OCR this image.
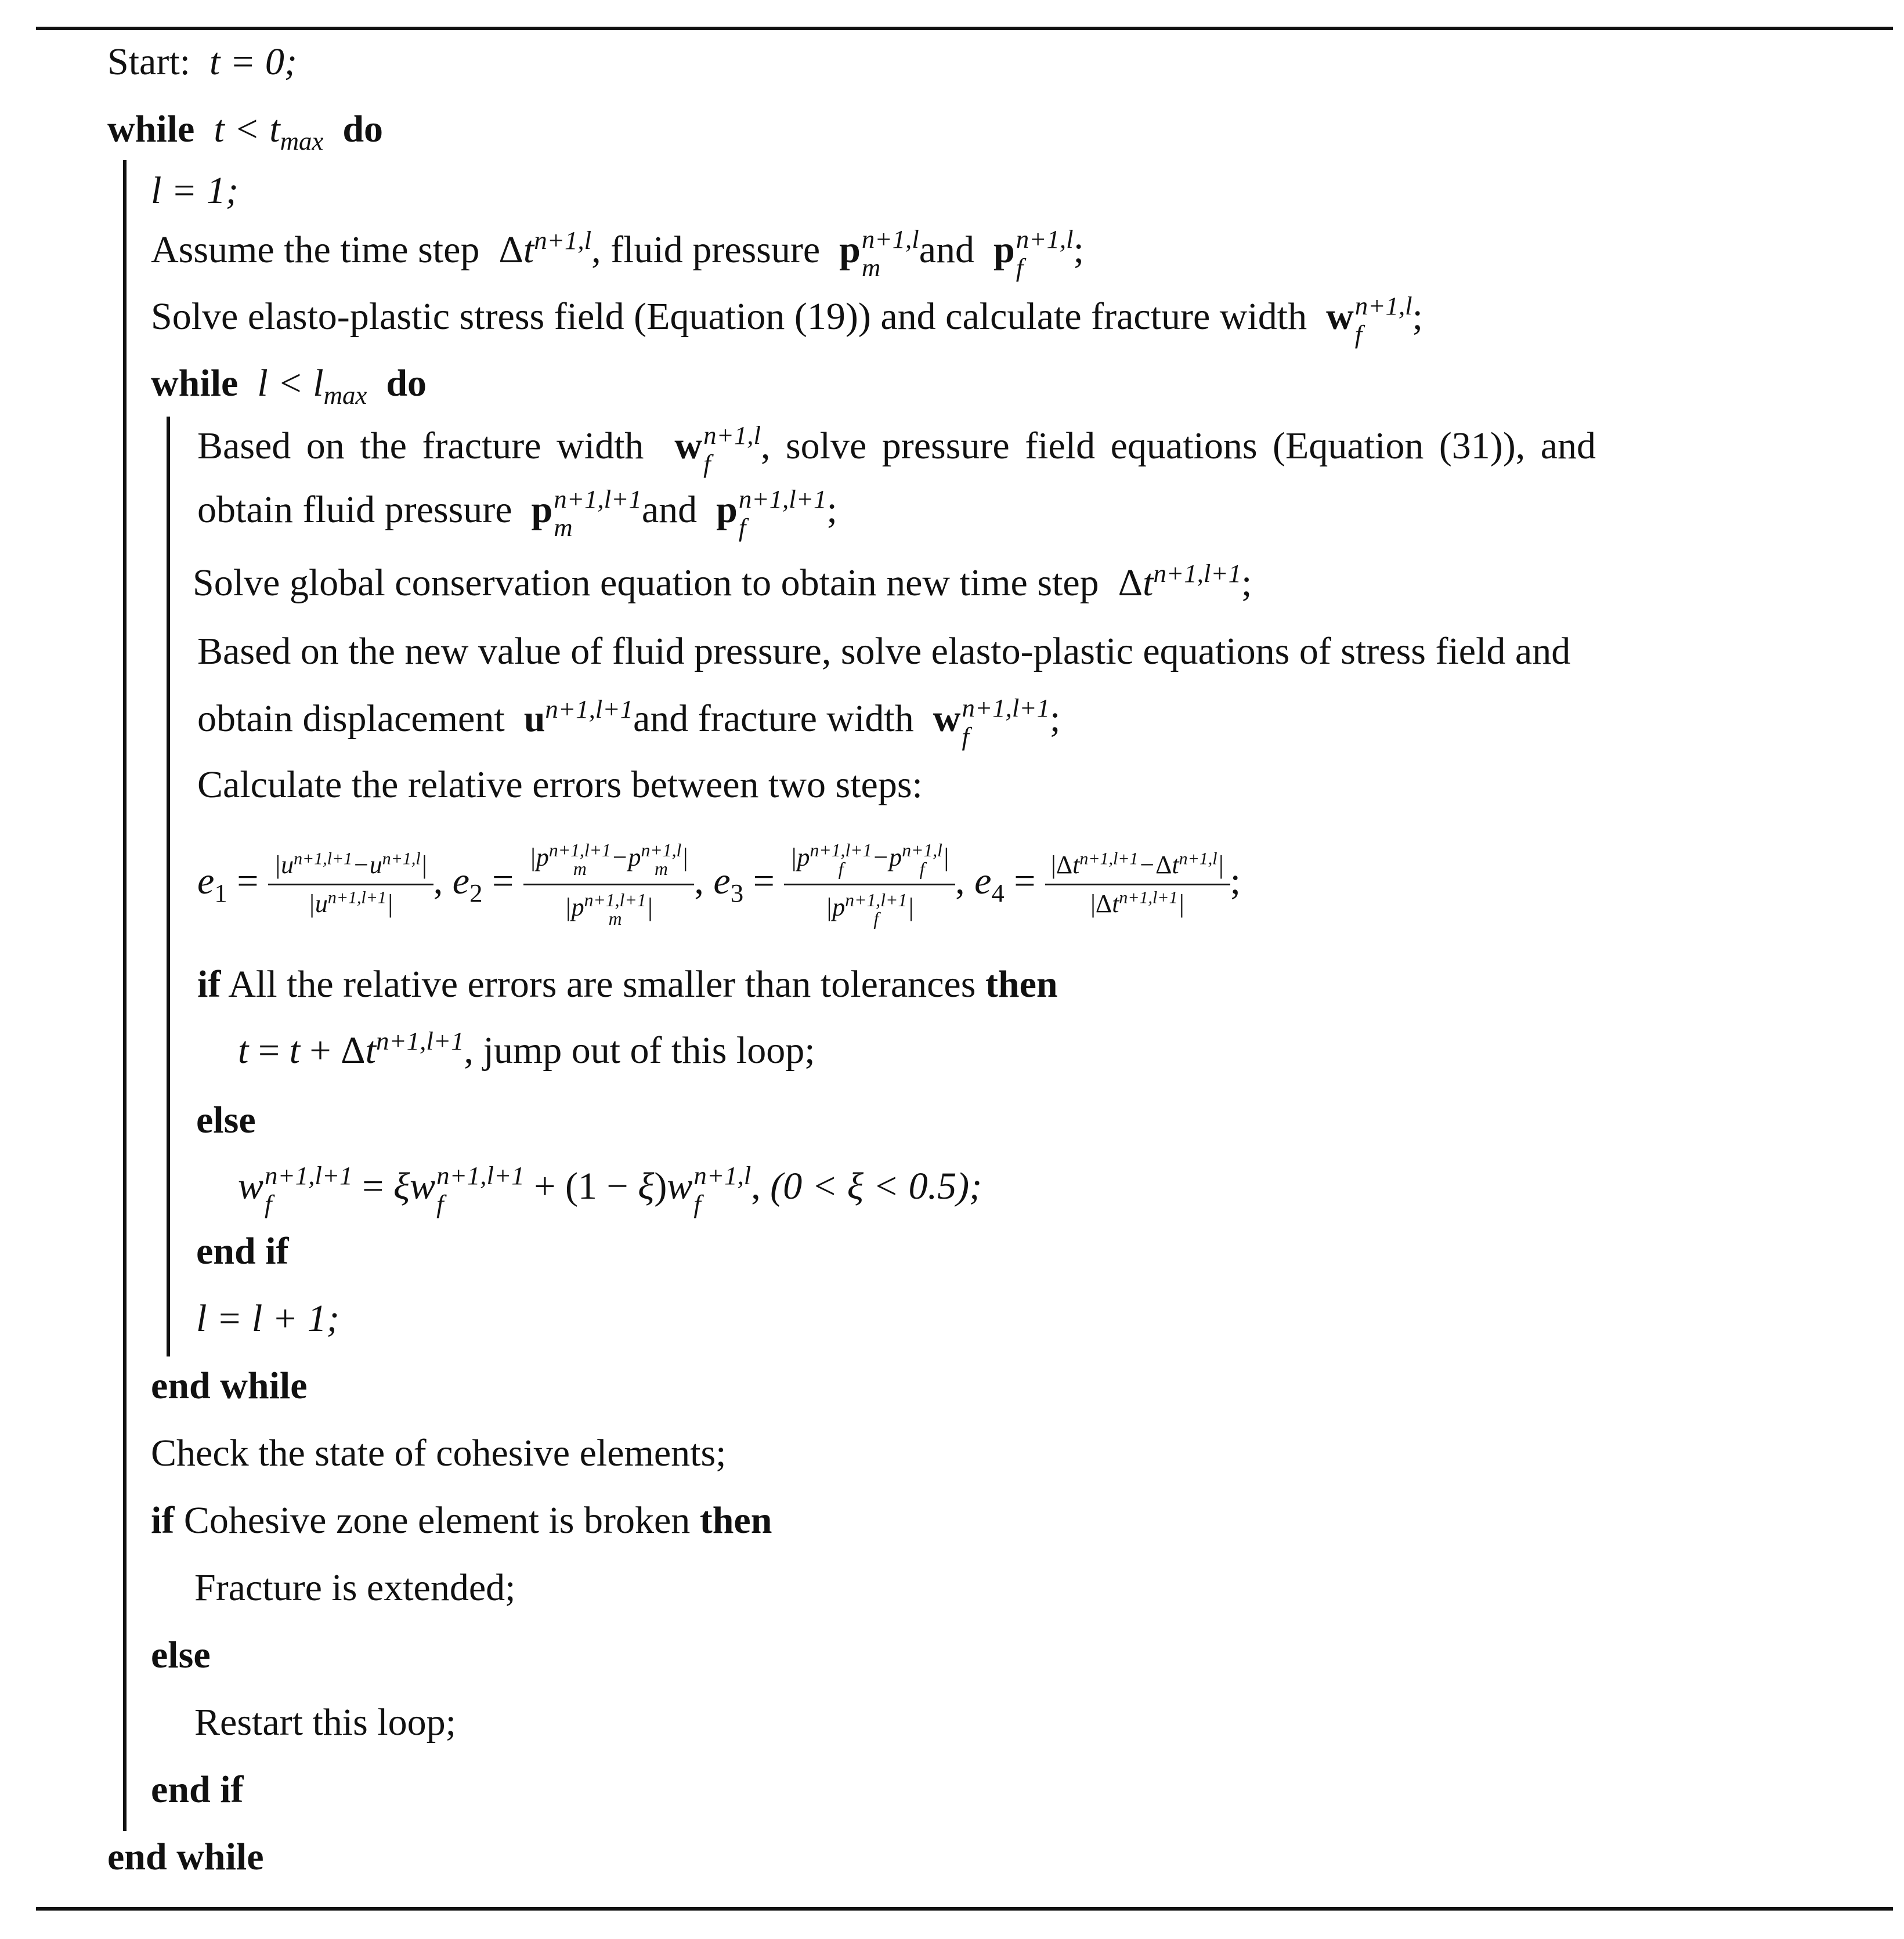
Start: t = 0;
while $t < t_{max}$ do
l = 1;
Assume the time step $\Delta t^{n+1,l}$, fluid pressure p n+1,l
m	and p n+1,l
f	;
Solve elasto-plastic stress field (Equation (19)) and calculate fracture width w n+1,l
f	;
while $l < l_{max}$ do
Based on the fracture width w n+1,l
f	, solve pressure field equations (Equation (31)), and
obtain fluid pressure p n+1,l+1
m	and p n+1,l+1
f	;
Solve global conservation equation to obtain new time step $\Delta t^{n+1,l+1}$;
Based on the new value of fluid pressure, solve elasto-plastic equations of stress field and
obtain displacement $u^{n+1,l+1}and$ fracture width w n+1,l+1
f	;
Calculate the relative errors between two steps:
$e_1 = \frac{|u^{n+1,l+1}-u^{n+1,l}|}{|u^{n+1,l+1}|}$ , $e_2 = |p$ n+1,l+1
m −p n+1,l
m |
|p n+1,l+1
m | , $e_3 = |p$ n+1,l+1
f	−p n+1,l
f |
|p n+1,l+1
f	| , $e_4 = \frac{|\Delta t^{n+1,l+1}-\Delta t^{n+1,l}|}{|\Delta t^{n+1,l+1}|}$ ;
if All the relative errors are smaller than tolerances then
$t = t + \Delta t^{n+1,l+1}$, jump out of this loop;
else
w n+1,l+1
f	= ξw n+1,l+1
f	+ (1 − ξ)w n+1,l
f	, (0 < ξ < 0.5);
end if
l = l + 1;
end while
Check the state of cohesive elements;
if Cohesive zone element is broken then
Fracture is extended;
else
Restart this loop;
end if
end while
